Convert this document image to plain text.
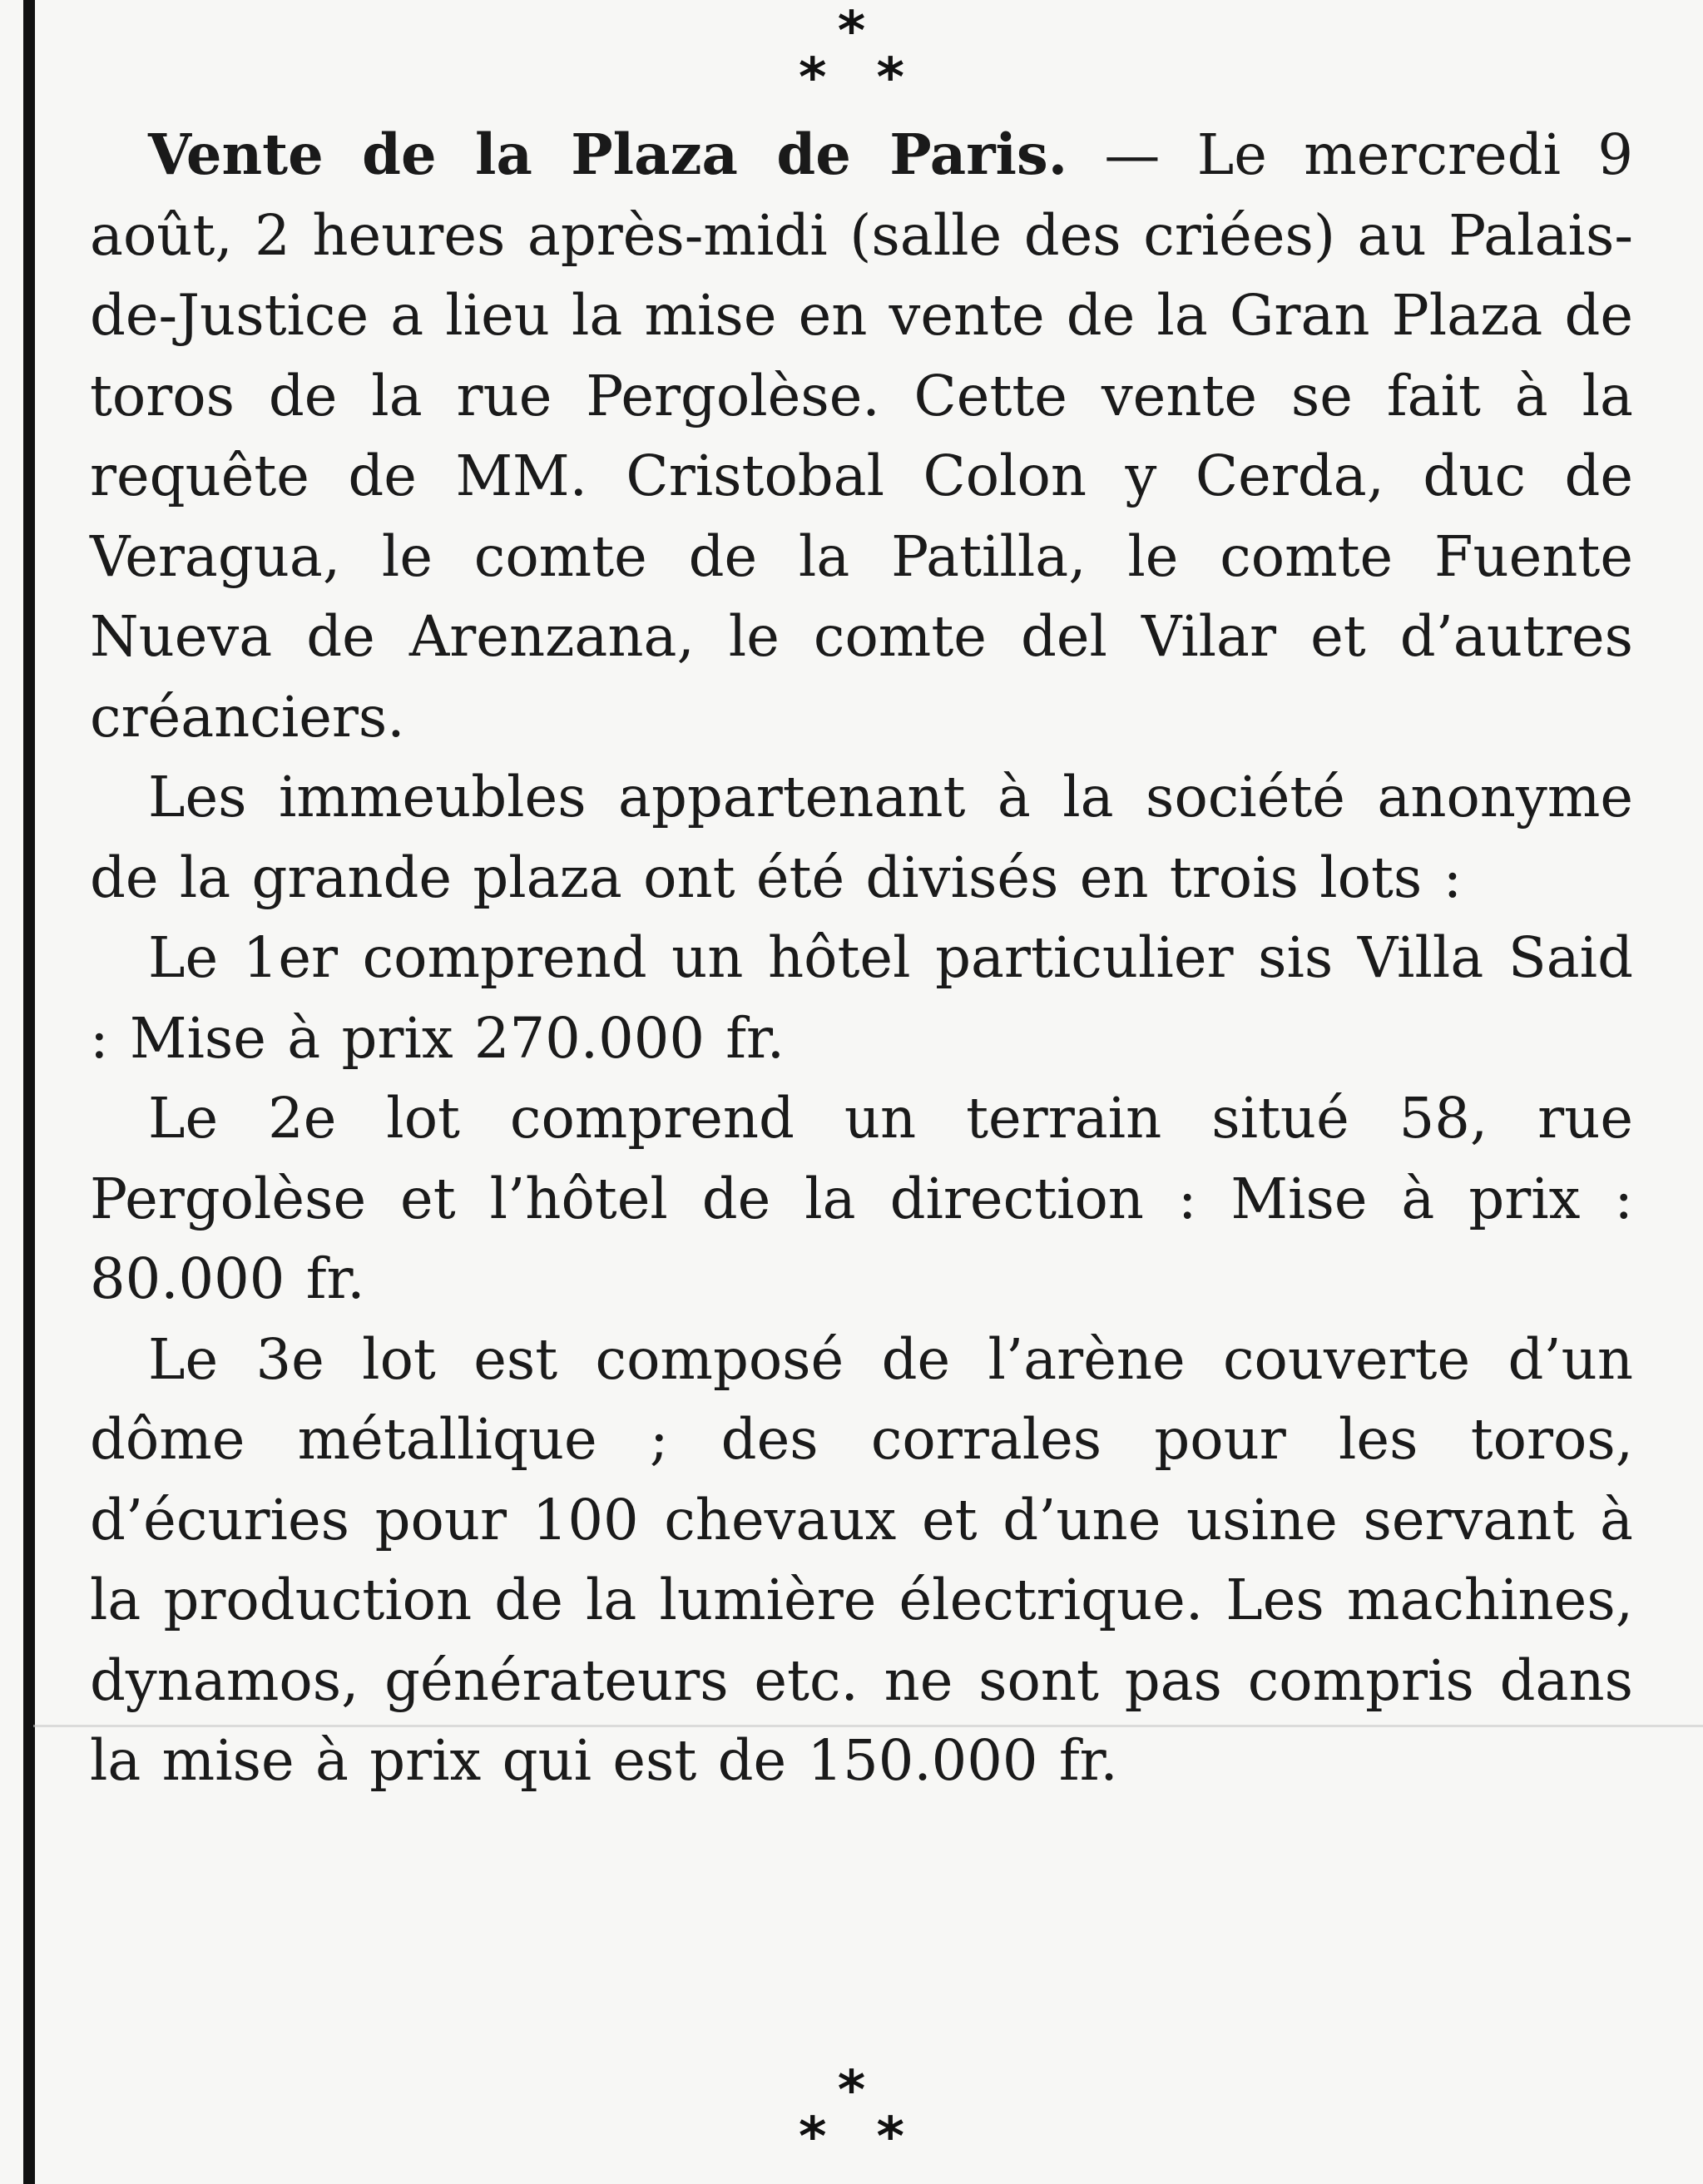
*
**

Vente de la Plaza de Paris. — Le mercredi 9 août, 2 heures après-midi (salle des criées) au Palais-de-Justice a lieu la mise en vente de la Gran Plaza de toros de la rue Pergolèse. Cette vente se fait à la requête de MM. Cristobal Colon y Cerda, duc de Veragua, le comte de la Patilla, le comte Fuente Nueva de Arenzana, le comte del Vilar et d’autres créanciers.

Les immeubles appartenant à la société anonyme de la grande plaza ont été divisés en trois lots :

Le 1er comprend un hôtel particulier sis Villa Said : Mise à prix 270.000 fr.

Le 2e lot comprend un terrain situé 58, rue Pergolèse et l’hôtel de la direction : Mise à prix : 80.000 fr.

Le 3e lot est composé de l’arène couverte d’un dôme métallique ; des corrales pour les toros, d’écuries pour 100 chevaux et d’une usine servant à la production de la lumière électrique. Les machines, dynamos, générateurs etc. ne sont pas compris dans la mise à prix qui est de 150.000 fr.

*
**
